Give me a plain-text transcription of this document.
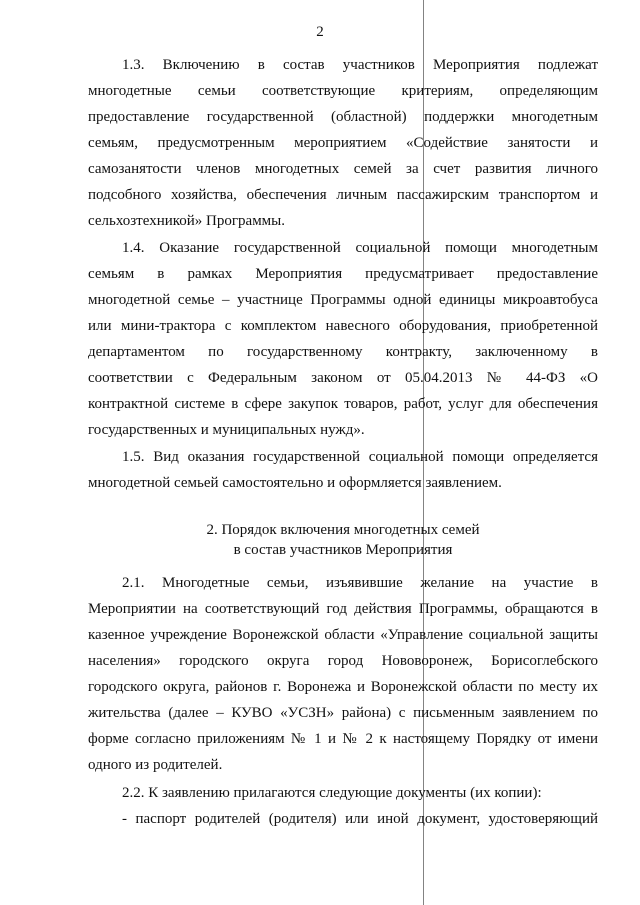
2
1.3. Включению в состав участников Мероприятия подлежат
многодетные семьи соответствующие критериям, определяющим
предоставление государственной (областной) поддержки многодетным
семьям, предусмотренным мероприятием «Содействие занятости и
самозанятости членов многодетных семей за счет развития личного
подсобного хозяйства, обеспечения личным пассажирским транспортом и
сельхозтехникой» Программы.
1.4. Оказание государственной социальной помощи многодетным
семьям в рамках Мероприятия предусматривает предоставление
многодетной семье – участнице Программы одной единицы микроавтобуса
или мини-трактора с комплектом навесного оборудования, приобретенной
департаментом по государственному контракту, заключенному в
соответствии с Федеральным законом от 05.04.2013 № 44-ФЗ «О
контрактной системе в сфере закупок товаров, работ, услуг для обеспечения
государственных и муниципальных нужд».
1.5. Вид оказания государственной социальной помощи определяется
многодетной семьей самостоятельно и оформляется заявлением.
2. Порядок включения многодетных семей
в состав участников Мероприятия
2.1. Многодетные семьи, изъявившие желание на участие в
Мероприятии на соответствующий год действия Программы, обращаются в
казенное учреждение Воронежской области «Управление социальной защиты
населения» городского округа город Нововоронеж, Борисоглебского
городского округа, районов г. Воронежа и Воронежской области по месту их
жительства (далее – КУВО «УСЗН» района) с письменным заявлением по
формe согласно приложениям № 1 и № 2 к настоящему Порядку от имени
одного из родителей.
2.2. К заявлению прилагаются следующие документы (их копии):
- паспорт родителей (родителя) или иной документ, удостоверяющий
